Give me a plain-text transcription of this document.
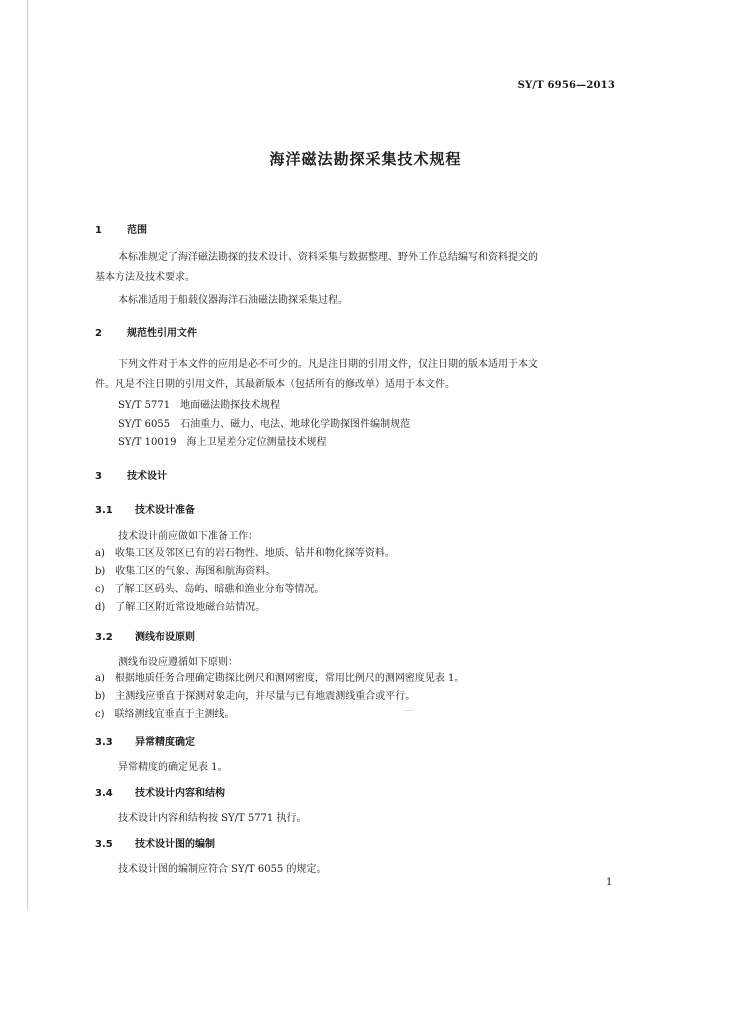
SY/T 6956—2013
海洋磁法勘探采集技术规程
1	范围
本标准规定了海洋磁法勘探的技术设计、资料采集与数据整理、野外工作总结编写和资料提交的
基本方法及技术要求。
本标准适用于船载仪器海洋石油磁法勘探采集过程。
2	规范性引用文件
下列文件对于本文件的应用是必不可少的。凡是注日期的引用文件，仅注日期的版本适用于本文
件。凡是不注日期的引用文件，其最新版本（包括所有的修改单）适用于本文件。
SY/T 5771　地面磁法勘探技术规程
SY/T 6055　石油重力、磁力、电法、地球化学勘探图件编制规范
SY/T 10019　海上卫星差分定位测量技术规程
3	技术设计
3.1 技术设计准备
技术设计前应做如下准备工作：
a)　收集工区及邻区已有的岩石物性、地质、钻井和物化探等资料。
b)　收集工区的气象、海图和航海资料。
c)　了解工区码头、岛屿、暗礁和渔业分布等情况。
d)　了解工区附近常设地磁台站情况。
3.2 测线布设原则
测线布设应遵循如下原则：
a)　根据地质任务合理确定勘探比例尺和测网密度，常用比例尺的测网密度见表 1。
b)　主测线应垂直于探测对象走向，并尽量与已有地震测线重合或平行。
c)　联络测线宜垂直于主测线。
3.3 异常精度确定
异常精度的确定见表 1。
3.4 技术设计内容和结构
技术设计内容和结构按 SY/T 5771 执行。
3.5 技术设计图的编制
技术设计图的编制应符合 SY/T 6055 的规定。
1
